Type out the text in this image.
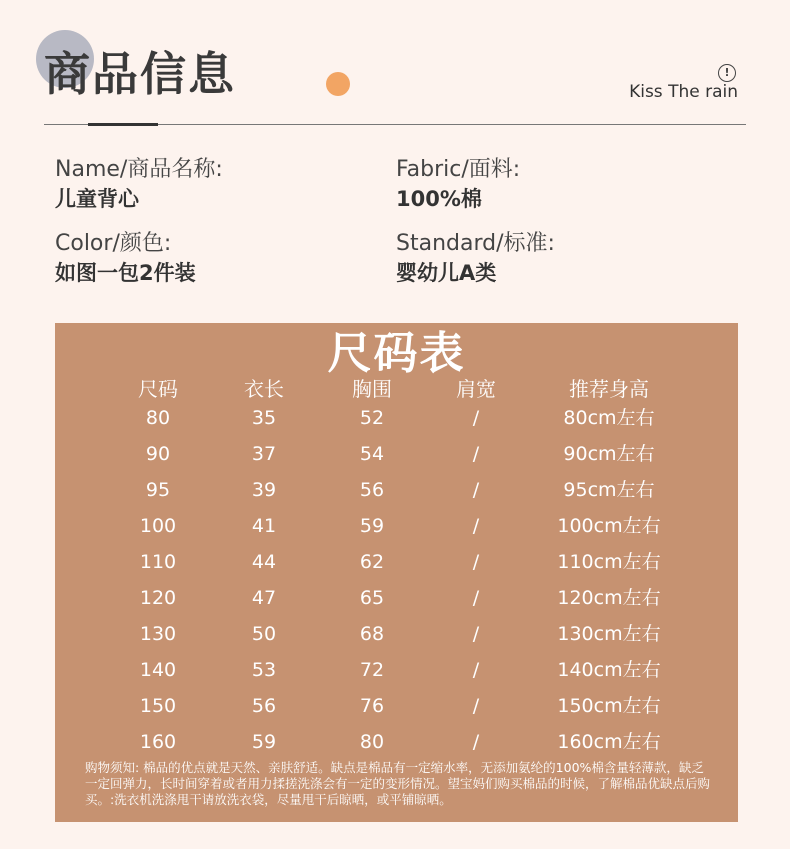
商品信息	!
Kiss The rain
Name/商品名称:
儿童背心
Fabric/面料:
100%棉
Color/颜色:
如图一包2件装
Standard/标准:
婴幼儿A类
尺码表
尺码	衣长	胸围	肩宽	推荐身高
80	35	52	/	80cm左右
90	37	54	/	90cm左右
95	39	56	/	95cm左右
100	41	59	/	100cm左右
110	44	62	/	110cm左右
120	47	65	/	120cm左右
130	50	68	/	130cm左右
140	53	72	/	140cm左右
150	56	76	/	150cm左右
160	59	80	/	160cm左右
购物须知: 棉品的优点就是天然、亲肤舒适。缺点是棉品有一定缩水率，无添加氨纶的100%棉含量轻薄款，缺乏一定回弹力，长时间穿着或者用力揉搓洗涤会有一定的变形情况。望宝妈们购买棉品的时候，了解棉品优缺点后购买。:洗衣机洗涤甩干请放洗衣袋，尽量甩干后晾晒，或平铺晾晒。
